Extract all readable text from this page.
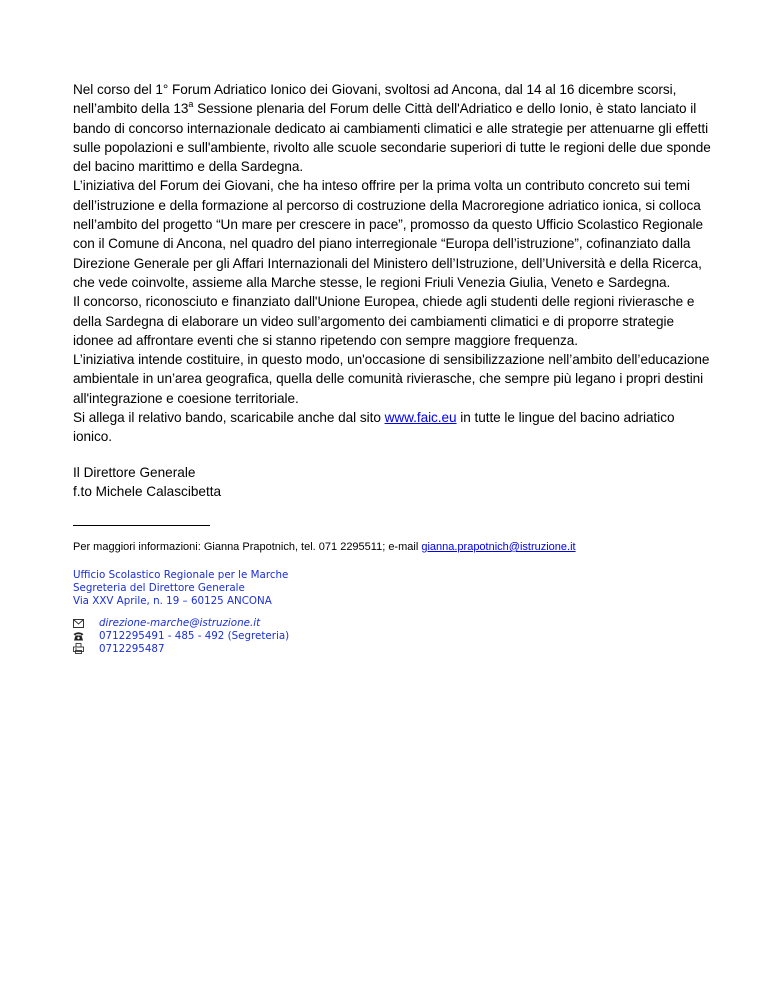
Nel corso del 1° Forum Adriatico Ionico dei Giovani, svoltosi ad Ancona, dal 14 al 16 dicembre scorsi, nell’ambito della 13$^a$ Sessione plenaria del Forum delle Città dell'Adriatico e dello Ionio, è stato lanciato il bando di concorso internazionale dedicato ai cambiamenti climatici e alle strategie per attenuarne gli effetti sulle popolazioni e sull'ambiente, rivolto alle scuole secondarie superiori di tutte le regioni delle due sponde del bacino marittimo e della Sardegna.

L’iniziativa del Forum dei Giovani, che ha inteso offrire per la prima volta un contributo concreto sui temi dell’istruzione e della formazione al percorso di costruzione della Macroregione adriatico ionica, si colloca nell’ambito del progetto “Un mare per crescere in pace”, promosso da questo Ufficio Scolastico Regionale con il Comune di Ancona, nel quadro del piano interregionale “Europa dell’istruzione”, cofinanziato dalla Direzione Generale per gli Affari Internazionali del Ministero dell’Istruzione, dell’Università e della Ricerca, che vede coinvolte, assieme alla Marche stesse, le regioni Friuli Venezia Giulia, Veneto e Sardegna.

Il concorso, riconosciuto e finanziato dall'Unione Europea, chiede agli studenti delle regioni rivierasche e della Sardegna di elaborare un video sull’argomento dei cambiamenti climatici e di proporre strategie idonee ad affrontare eventi che si stanno ripetendo con sempre maggiore frequenza.

L’iniziativa intende costituire, in questo modo, un'occasione di sensibilizzazione nell’ambito dell’educazione ambientale in un’area geografica, quella delle comunità rivierasche, che sempre più legano i propri destini all'integrazione e coesione territoriale.

Si allega il relativo bando, scaricabile anche dal sito www.faic.eu in tutte le lingue del bacino adriatico ionico.

Il Direttore Generale
f.to Michele Calascibetta
Per maggiori informazioni: Gianna Prapotnich, tel. 071 2295511; e-mail gianna.prapotnich@istruzione.it
Ufficio Scolastico Regionale per le Marche
Segreteria del Direttore Generale
Via XXV Aprile, n. 19 – 60125 ANCONA
direzione-marche@istruzione.it
0712295491 - 485 - 492 (Segreteria)
0712295487
